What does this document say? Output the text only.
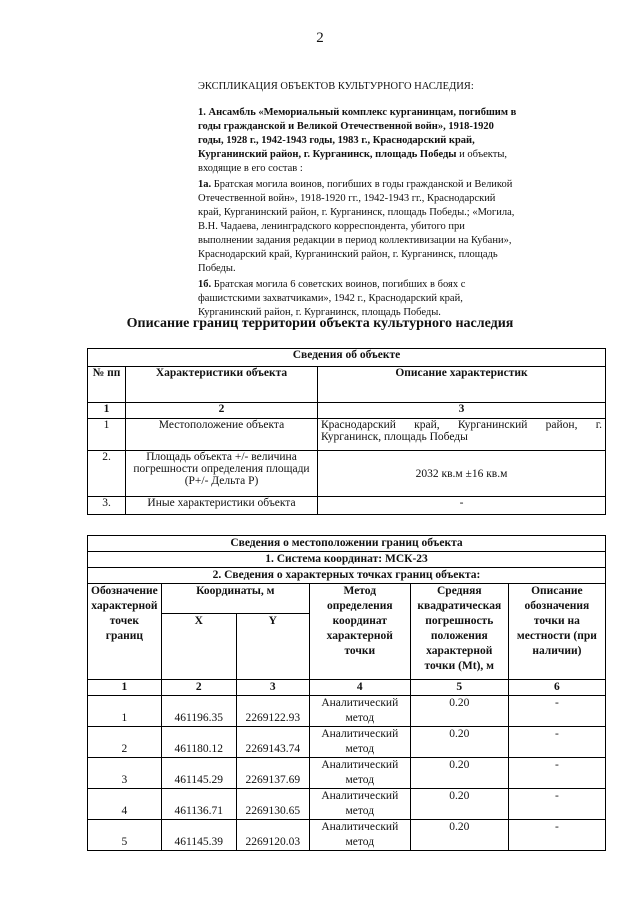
2

ЭКСПЛИКАЦИЯ ОБЪЕКТОВ КУЛЬТУРНОГО НАСЛЕДИЯ:

1. Ансамбль «Мемориальный комплекс курганинцам, погибшим в годы гражданской и Великой Отечественной войн», 1918-1920 годы, 1928 г., 1942-1943 годы, 1983 г., Краснодарский край, Курганинский район, г. Курганинск, площадь Победы и объекты, входящие в его состав :

1а. Братская могила воинов, погибших в годы гражданской и Великой Отечественной войн», 1918-1920 гг., 1942-1943 гг., Краснодарский край, Курганинский район, г. Курганинск, площадь Победы.; «Могила, В.Н. Чадаева, ленинградского корреспондента, убитого при выполнении задания редакции в период коллективизации на Кубани», Краснодарский край, Курганинский район, г. Курганинск, площадь Победы.

1б. Братская могила 6 советских воинов, погибших в боях с фашистскими захватчиками», 1942 г., Краснодарский край, Курганинский район, г. Курганинск, площадь Победы.

Описание границ территории объекта культурного наследия
Сведения об объекте		
№ пп	Характеристики объекта	Описание характеристик
1	2	3
1	Местоположение объекта	Краснодарский край, Курганинский район, г. Курганинск, площадь Победы
2.	Площадь объекта +/- величина погрешности определения площади (Р+/- Дельта Р)	2032 кв.м ±16 кв.м
3.	Иные характеристики объекта	-
Сведения о местоположении границ объекта					
1. Система координат: МСК-23					
2. Сведения о характерных точках границ объекта:					
Обозначение характерной точек границ	Координаты, м		Метод определения координат характерной точки	Средняя квадратическая погрешность положения характерной точки (Mt), м	Описание обозначения точки на местности (при наличии)
	X	Y			
1	2	3	4	5	6
1	461196.35	2269122.93	Аналитический метод	0.20	-
2	461180.12	2269143.74	Аналитический метод	0.20	-
3	461145.29	2269137.69	Аналитический метод	0.20	-
4	461136.71	2269130.65	Аналитический метод	0.20	-
5	461145.39	2269120.03	Аналитический метод	0.20	-
